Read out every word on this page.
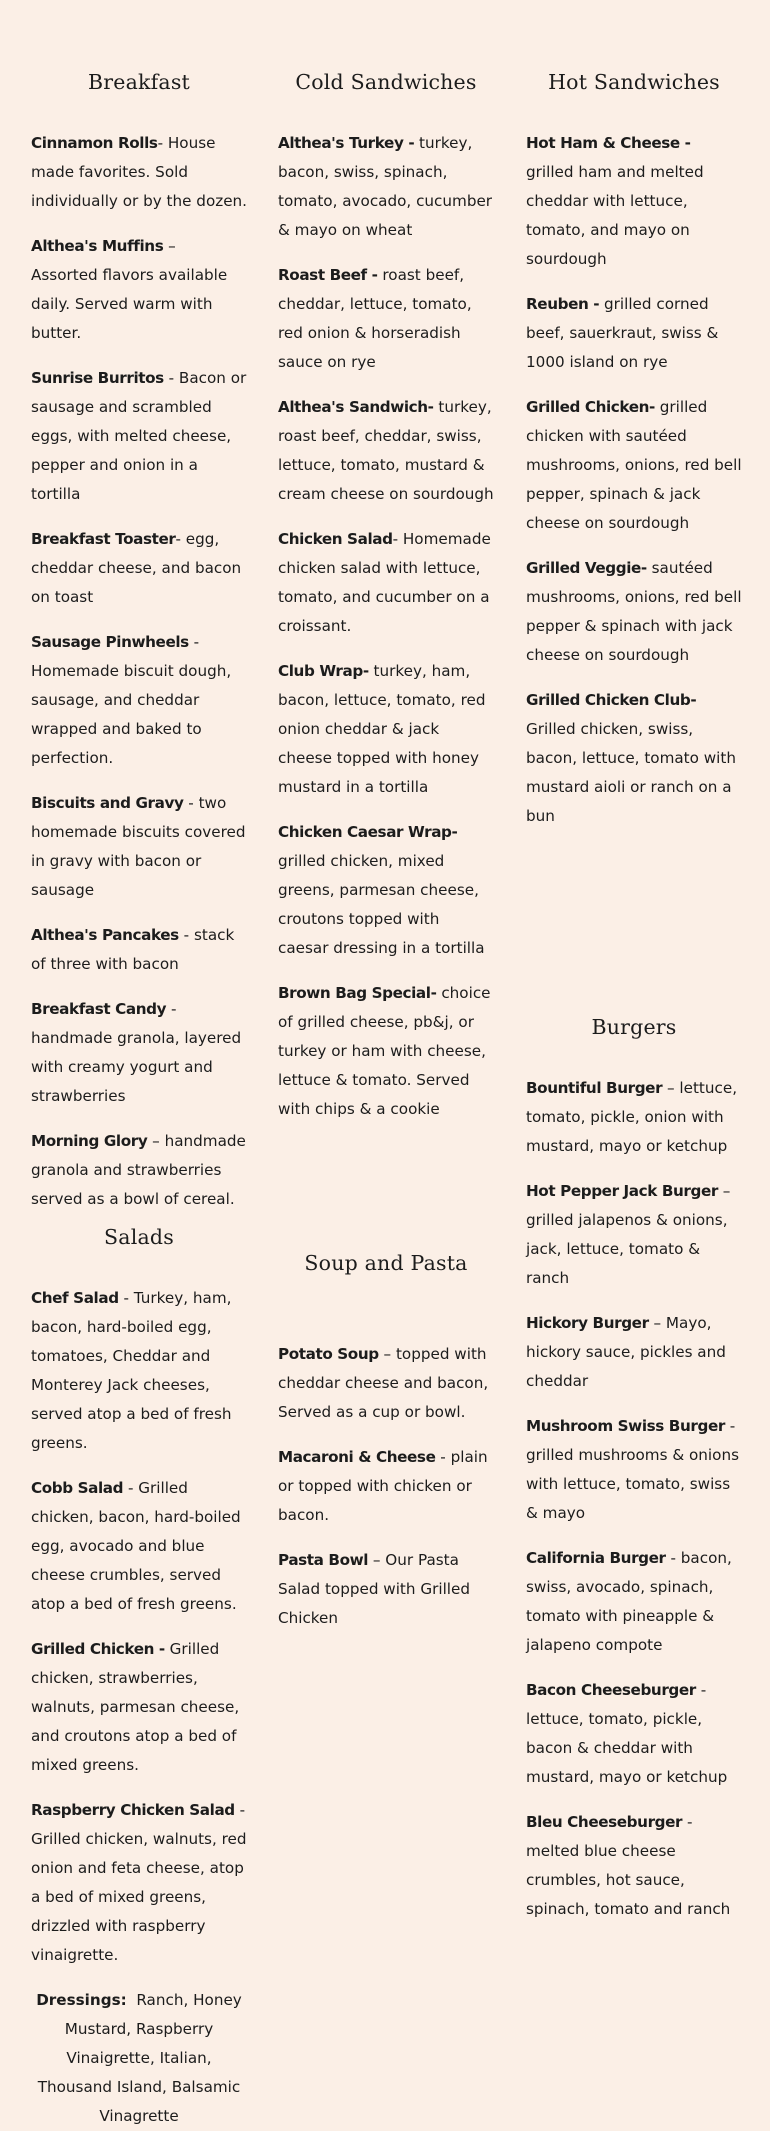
Breakfast

Cinnamon Rolls- House made favorites. Sold individually or by the dozen.

Althea's Muffins – Assorted flavors available daily. Served warm with butter.

Sunrise Burritos - Bacon or sausage and scrambled eggs, with melted cheese, pepper and onion in a tortilla

Breakfast Toaster- egg, cheddar cheese, and bacon on toast

Sausage Pinwheels - Homemade biscuit dough, sausage, and cheddar wrapped and baked to perfection.

Biscuits and Gravy - two homemade biscuits covered in gravy with bacon or sausage

Althea's Pancakes - stack of three with bacon

Breakfast Candy - handmade granola, layered with creamy yogurt and strawberries

Morning Glory – handmade granola and strawberries served as a bowl of cereal.

Cold Sandwiches

Althea's Turkey - turkey, bacon, swiss, spinach, tomato, avocado, cucumber & mayo on wheat

Roast Beef - roast beef, cheddar, lettuce, tomato, red onion & horseradish sauce on rye

Althea's Sandwich- turkey, roast beef, cheddar, swiss, lettuce, tomato, mustard & cream cheese on sourdough

Chicken Salad- Homemade chicken salad with lettuce, tomato, and cucumber on a croissant.

Club Wrap- turkey, ham, bacon, lettuce, tomato, red onion cheddar & jack cheese topped with honey mustard in a tortilla

Chicken Caesar Wrap- grilled chicken, mixed greens, parmesan cheese, croutons topped with caesar dressing in a tortilla

Brown Bag Special- choice of grilled cheese, pb&j, or turkey or ham with cheese, lettuce & tomato. Served with chips & a cookie

Hot Sandwiches

Hot Ham & Cheese - grilled ham and melted cheddar with lettuce, tomato, and mayo on sourdough

Reuben - grilled corned beef, sauerkraut, swiss & 1000 island on rye

Grilled Chicken- grilled chicken with sautéed mushrooms, onions, red bell pepper, spinach & jack cheese on sourdough

Grilled Veggie- sautéed mushrooms, onions, red bell pepper & spinach with jack cheese on sourdough

Grilled Chicken Club- Grilled chicken, swiss, bacon, lettuce, tomato with mustard aioli or ranch on a bun

Burgers

Bountiful Burger – lettuce, tomato, pickle, onion with mustard, mayo or ketchup

Hot Pepper Jack Burger – grilled jalapenos & onions, jack, lettuce, tomato & ranch

Hickory Burger – Mayo, hickory sauce, pickles and cheddar

Mushroom Swiss Burger - grilled mushrooms & onions with lettuce, tomato, swiss & mayo

California Burger - bacon, swiss, avocado, spinach, tomato with pineapple & jalapeno compote

Bacon Cheeseburger - lettuce, tomato, pickle, bacon & cheddar with mustard, mayo or ketchup

Bleu Cheeseburger - melted blue cheese crumbles, hot sauce, spinach, tomato and ranch

Salads

Chef Salad - Turkey, ham, bacon, hard-boiled egg, tomatoes, Cheddar and Monterey Jack cheeses, served atop a bed of fresh greens.

Cobb Salad - Grilled chicken, bacon, hard-boiled egg, avocado and blue cheese crumbles, served atop a bed of fresh greens.

Grilled Chicken - Grilled chicken, strawberries, walnuts, parmesan cheese, and croutons atop a bed of mixed greens.

Raspberry Chicken Salad - Grilled chicken, walnuts, red onion and feta cheese, atop a bed of mixed greens, drizzled with raspberry vinaigrette.

Dressings: Ranch, Honey Mustard, Raspberry Vinaigrette, Italian, Thousand Island, Balsamic Vinagrette

Soup and Pasta

Potato Soup – topped with cheddar cheese and bacon, Served as a cup or bowl.

Macaroni & Cheese - plain or topped with chicken or bacon.

Pasta Bowl – Our Pasta Salad topped with Grilled Chicken
